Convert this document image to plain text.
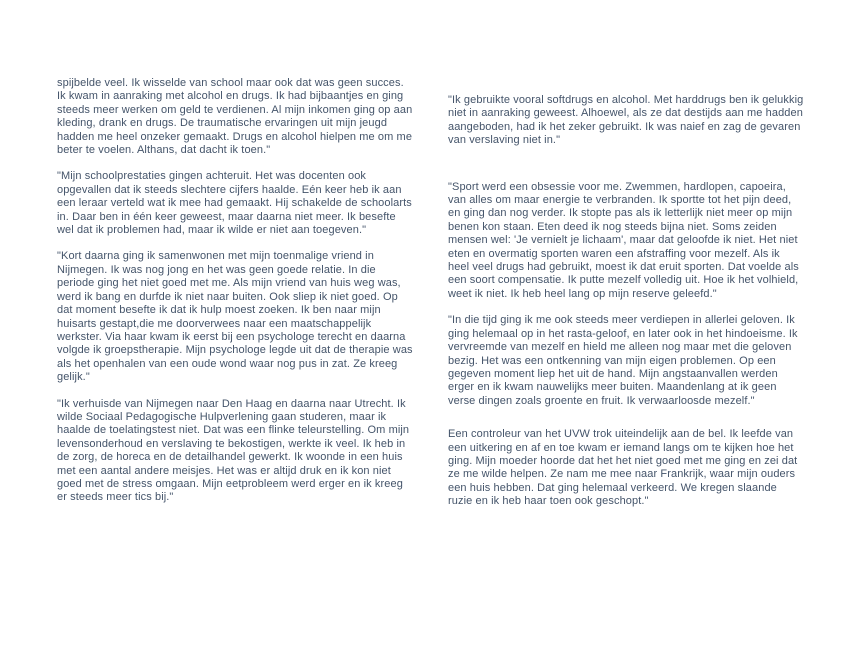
spijbelde veel. Ik wisselde van school maar ook dat was geen succes. Ik kwam in aanraking met alcohol en drugs. Ik had bijbaantjes en ging steeds meer werken om geld te verdienen. Al mijn inkomen ging op aan kleding, drank en drugs. De traumatische ervaringen uit mijn jeugd hadden me heel onzeker gemaakt. Drugs en alcohol hielpen me om me beter te voelen. Althans, dat dacht ik toen."

"Mijn schoolprestaties gingen achteruit. Het was docenten ook opgevallen dat ik steeds slechtere cijfers haalde. Eén keer heb ik aan een leraar verteld wat ik mee had gemaakt. Hij schakelde de schoolarts in. Daar ben in één keer geweest, maar daarna niet meer. Ik besefte wel dat ik problemen had, maar ik wilde er niet aan toegeven."

"Kort daarna ging ik samenwonen met mijn toenmalige vriend in Nijmegen. Ik was nog jong en het was geen goede relatie. In die periode ging het niet goed met me. Als mijn vriend van huis weg was, werd ik bang en durfde ik niet naar buiten. Ook sliep ik niet goed. Op dat moment besefte ik dat ik hulp moest zoeken. Ik ben naar mijn huisarts gestapt,die me doorverwees naar een maatschappelijk werkster. Via haar kwam ik eerst bij een psychologe terecht en daarna volgde ik groepstherapie. Mijn psychologe legde uit dat de therapie was als het openhalen van een oude wond waar nog pus in zat. Ze kreeg gelijk."

"Ik verhuisde van Nijmegen naar Den Haag en daarna naar Utrecht. Ik wilde Sociaal Pedagogische Hulpverlening gaan studeren, maar ik haalde de toelatingstest niet. Dat was een flinke teleurstelling. Om mijn levensonderhoud en verslaving te bekostigen, werkte ik veel. Ik heb in de zorg, de horeca en de detailhandel gewerkt. Ik woonde in een huis met een aantal andere meisjes. Het was er altijd druk en ik kon niet goed met de stress omgaan. Mijn eetprobleem werd erger en ik kreeg er steeds meer tics bij."

"Ik gebruikte vooral softdrugs en alcohol. Met harddrugs ben ik gelukkig niet in aanraking geweest. Alhoewel, als ze dat destijds aan me hadden aangeboden, had ik het zeker gebruikt. Ik was naief en zag de gevaren van verslaving niet in."

"Sport werd een obsessie voor me. Zwemmen, hardlopen, capoeira, van alles om maar energie te verbranden. Ik sportte tot het pijn deed, en ging dan nog verder. Ik stopte pas als ik letterlijk niet meer op mijn benen kon staan. Eten deed ik nog steeds bijna niet. Soms zeiden mensen wel: 'Je vernielt je lichaam', maar dat geloofde ik niet. Het niet eten en overmatig sporten waren een afstraffing voor mezelf. Als ik heel veel drugs had gebruikt, moest ik dat eruit sporten. Dat voelde als een soort compensatie. Ik putte mezelf volledig uit. Hoe ik het volhield, weet ik niet. Ik heb heel lang op mijn reserve geleefd."

"In die tijd ging ik me ook steeds meer verdiepen in allerlei geloven. Ik ging helemaal op in het rasta-geloof, en later ook in het hindoeisme. Ik vervreemde van mezelf en hield me alleen nog maar met die geloven bezig. Het was een ontkenning van mijn eigen problemen. Op een gegeven moment liep het uit de hand. Mijn angstaanvallen werden erger en ik kwam nauwelijks meer buiten. Maandenlang at ik geen verse dingen zoals groente en fruit. Ik verwaarloosde mezelf."

Een controleur van het UVW trok uiteindelijk aan de bel. Ik leefde van een uitkering en af en toe kwam er iemand langs om te kijken hoe het ging. Mijn moeder hoorde dat het het niet goed met me ging en zei dat ze me wilde helpen. Ze nam me mee naar Frankrijk, waar mijn ouders een huis hebben. Dat ging helemaal verkeerd. We kregen slaande ruzie en ik heb haar toen ook geschopt."
